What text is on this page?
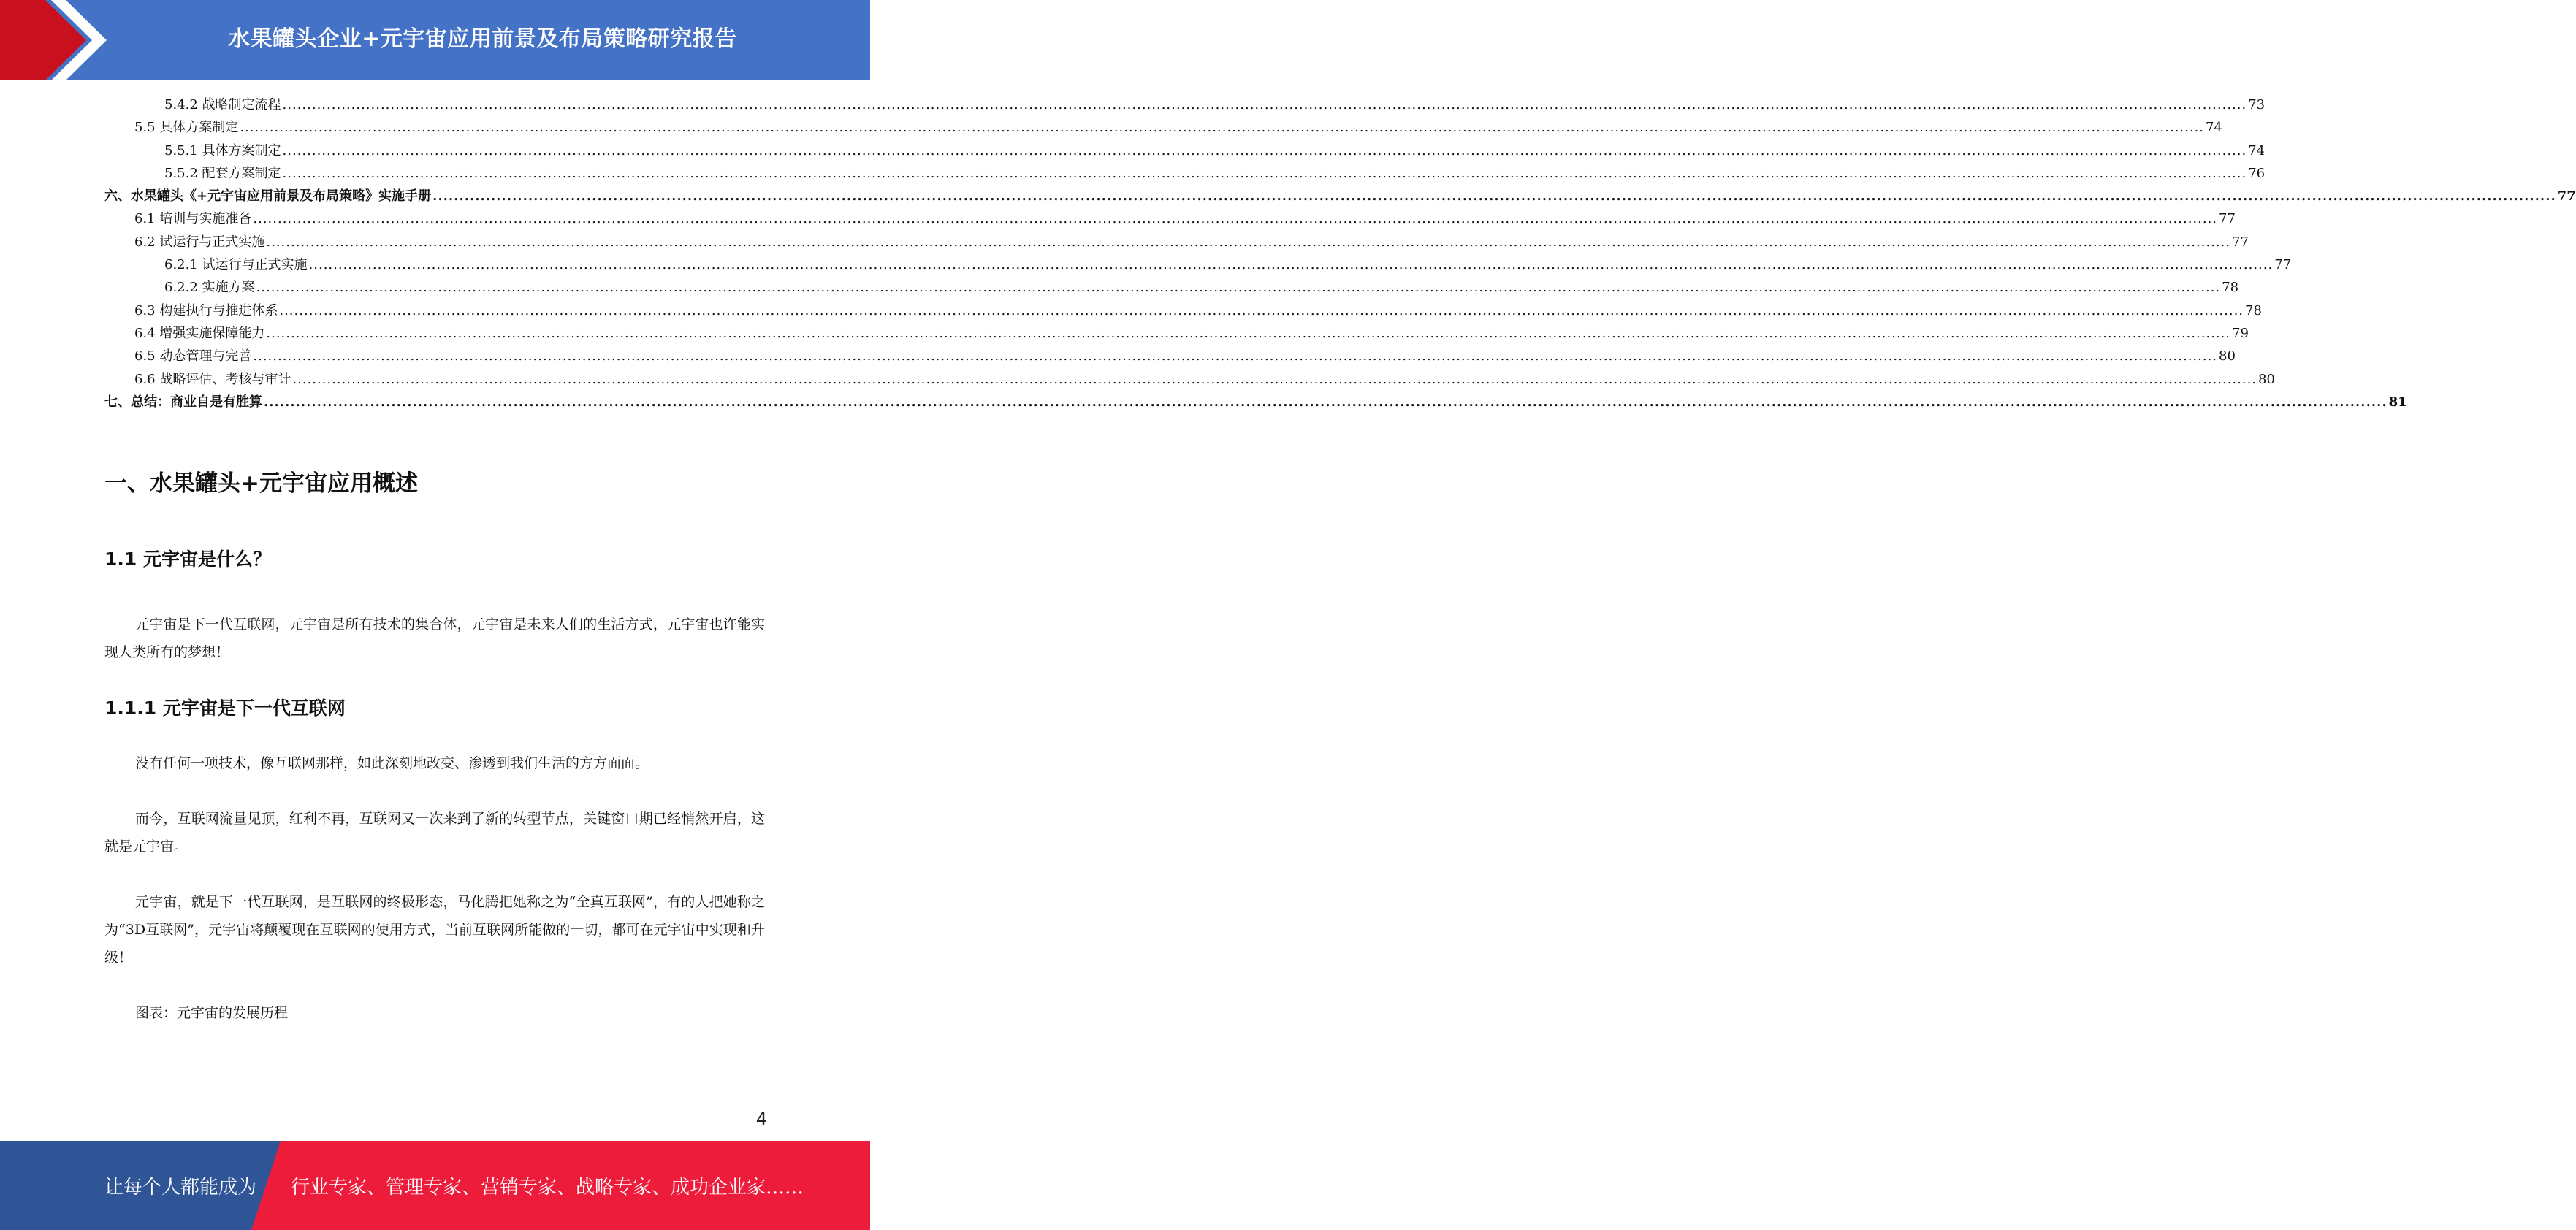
水果罐头企业+元宇宙应用前景及布局策略研究报告
5.4.2 战略制定流程 ................................................................................................................................................................................................................................................................................................................................................................................................................ 73
5.5 具体方案制定 ................................................................................................................................................................................................................................................................................................................................................................................................................ 74
5.5.1 具体方案制定 ................................................................................................................................................................................................................................................................................................................................................................................................................ 74
5.5.2 配套方案制定 ................................................................................................................................................................................................................................................................................................................................................................................................................ 76
六、水果罐头《+元宇宙应用前景及布局策略》实施手册 ................................................................................................................................................................................................................................................................................................................................................................................................................ 77
6.1 培训与实施准备 ................................................................................................................................................................................................................................................................................................................................................................................................................ 77
6.2 试运行与正式实施 ................................................................................................................................................................................................................................................................................................................................................................................................................ 77
6.2.1 试运行与正式实施 ................................................................................................................................................................................................................................................................................................................................................................................................................ 77
6.2.2 实施方案 ................................................................................................................................................................................................................................................................................................................................................................................................................ 78
6.3 构建执行与推进体系 ................................................................................................................................................................................................................................................................................................................................................................................................................ 78
6.4 增强实施保障能力 ................................................................................................................................................................................................................................................................................................................................................................................................................ 79
6.5 动态管理与完善 ................................................................................................................................................................................................................................................................................................................................................................................................................ 80
6.6 战略评估、考核与审计 ................................................................................................................................................................................................................................................................................................................................................................................................................ 80
七、总结：商业自是有胜算 ................................................................................................................................................................................................................................................................................................................................................................................................................ 81
一、水果罐头+元宇宙应用概述
1.1 元宇宙是什么？
元宇宙是下一代互联网，元宇宙是所有技术的集合体，元宇宙是未来人们的生活方式，元宇宙也许能实现人类所有的梦想！
1.1.1 元宇宙是下一代互联网
没有任何一项技术，像互联网那样，如此深刻地改变、渗透到我们生活的方方面面。
而今，互联网流量见顶，红利不再，互联网又一次来到了新的转型节点，关键窗口期已经悄然开启，这就是元宇宙。
元宇宙，就是下一代互联网，是互联网的终极形态，马化腾把她称之为“全真互联网”，有的人把她称之为“3D互联网”，元宇宙将颠覆现在互联网的使用方式，当前互联网所能做的一切，都可在元宇宙中实现和升级！
图表：元宇宙的发展历程
4
让每个人都能成为 行业专家、管理专家、营销专家、战略专家、成功企业家……
